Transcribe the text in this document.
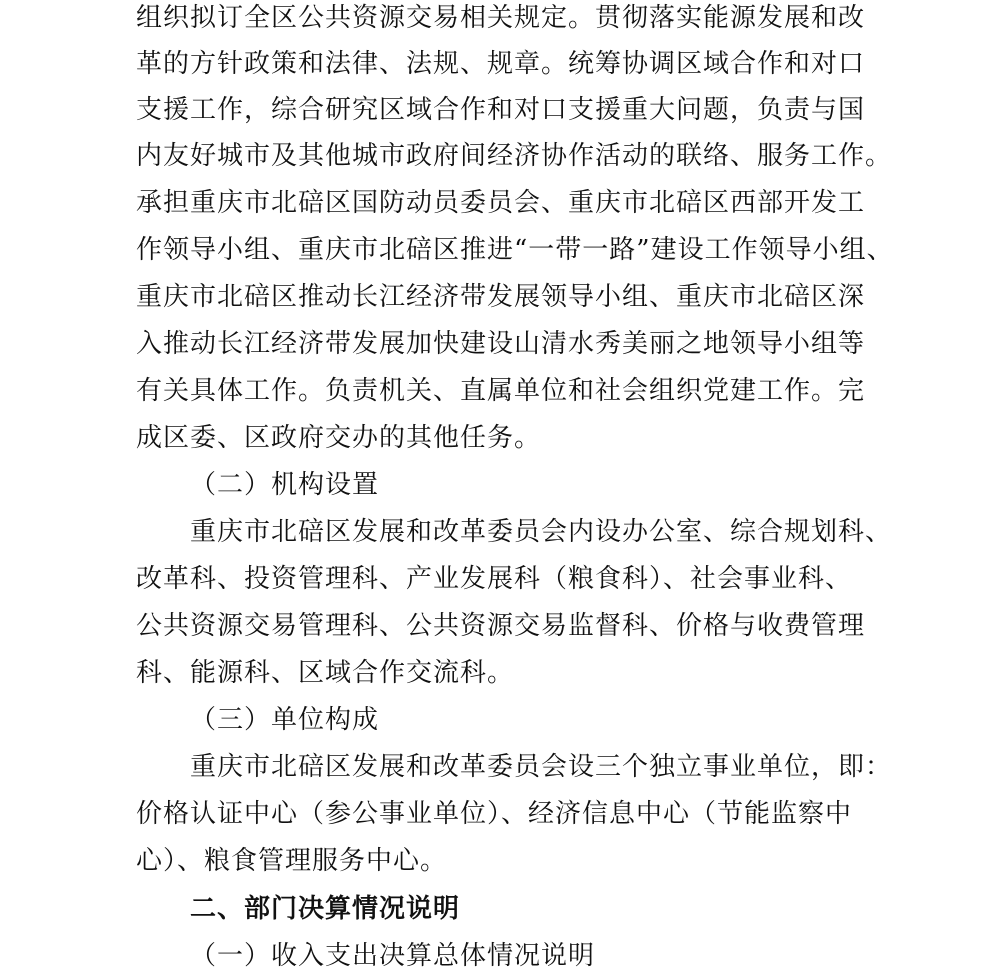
组织拟订全区公共资源交易相关规定。贯彻落实能源发展和改
革的方针政策和法律、法规、规章。统筹协调区域合作和对口
支援工作，综合研究区域合作和对口支援重大问题，负责与国
内友好城市及其他城市政府间经济协作活动的联络、服务工作。
承担重庆市北碚区国防动员委员会、重庆市北碚区西部开发工
作领导小组、重庆市北碚区推进“一带一路”建设工作领导小组、
重庆市北碚区推动长江经济带发展领导小组、重庆市北碚区深
入推动长江经济带发展加快建设山清水秀美丽之地领导小组等
有关具体工作。负责机关、直属单位和社会组织党建工作。完
成区委、区政府交办的其他任务。
（二）机构设置
重庆市北碚区发展和改革委员会内设办公室、综合规划科、
改革科、投资管理科、产业发展科（粮食科）、社会事业科、
公共资源交易管理科、公共资源交易监督科、价格与收费管理
科、能源科、区域合作交流科。
（三）单位构成
重庆市北碚区发展和改革委员会设三个独立事业单位，即：
价格认证中心（参公事业单位）、经济信息中心（节能监察中
心）、粮食管理服务中心。
二、部门决算情况说明
（一）收入支出决算总体情况说明
